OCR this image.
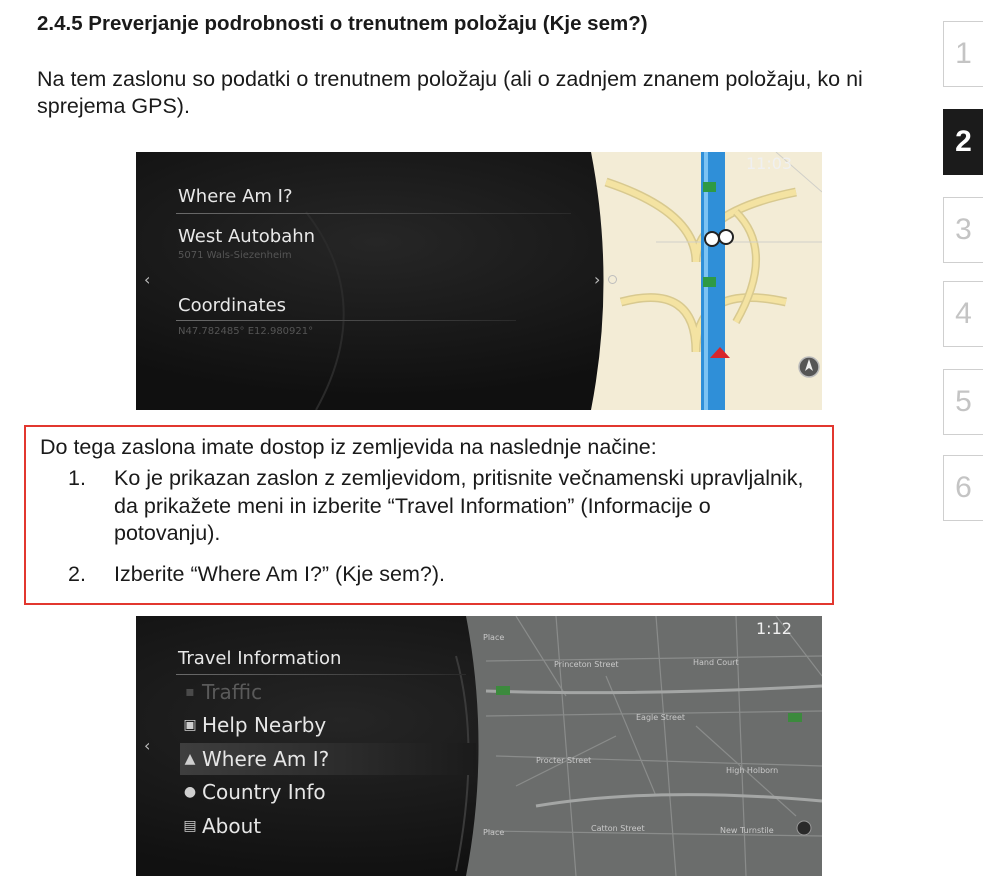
2.4.5 Preverjanje podrobnosti o trenutnem položaju (Kje sem?)
Na tem zaslonu so podatki o trenutnem položaju (ali o zadnjem znanem položaju, ko ni sprejema GPS).
1
2
3
4
5
6
11:03
Where Am I?
West Autobahn
5071 Wals-Siezenheim
Coordinates
N47.782485° E12.980921°
‹	›
Do tega zaslona imate dostop iz zemljevida na naslednje načine:
1. Ko je prikazan zaslon z zemljevidom, pritisnite večnamenski upravljalnik, da prikažete meni in izberite “Travel Information” (Informacije o potovanju).
2. Izberite “Where Am I?” (Kje sem?).
Princeton Street	Hand Court
Eagle Street
Procter Street
High Holborn
Catton Street	New Turnstile
Place
Place
1:12
Travel Information
‹
▪ Traffic
▣ Help Nearby
▲ Where Am I?
● Country Info
▤ About
